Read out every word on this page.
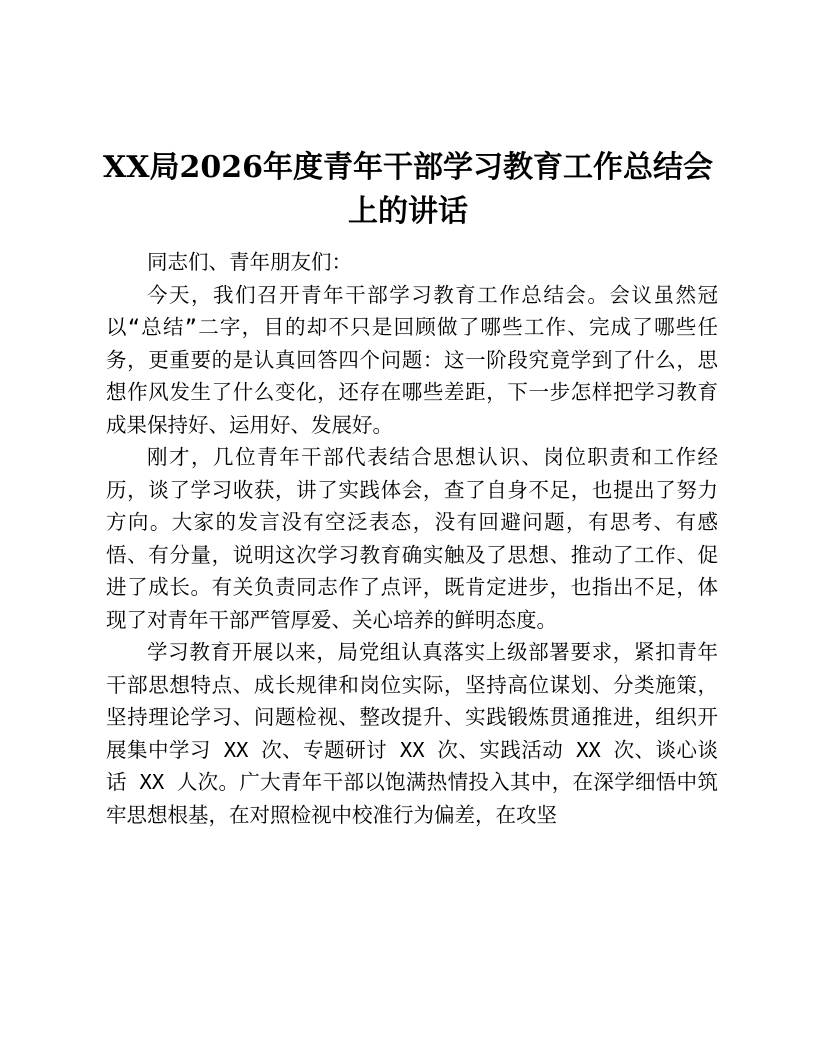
XX局2026年度青年干部学习教育工作总结会上的讲话

同志们、青年朋友们：

今天，我们召开青年干部学习教育工作总结会。会议虽然冠以“总结”二字，目的却不只是回顾做了哪些工作、完成了哪些任务，更重要的是认真回答四个问题：这一阶段究竟学到了什么，思想作风发生了什么变化，还存在哪些差距，下一步怎样把学习教育成果保持好、运用好、发展好。

刚才，几位青年干部代表结合思想认识、岗位职责和工作经历，谈了学习收获，讲了实践体会，查了自身不足，也提出了努力方向。大家的发言没有空泛表态，没有回避问题，有思考、有感悟、有分量，说明这次学习教育确实触及了思想、推动了工作、促进了成长。有关负责同志作了点评，既肯定进步，也指出不足，体现了对青年干部严管厚爱、关心培养的鲜明态度。

学习教育开展以来，局党组认真落实上级部署要求，紧扣青年干部思想特点、成长规律和岗位实际，坚持高位谋划、分类施策，坚持理论学习、问题检视、整改提升、实践锻炼贯通推进，组织开展集中学习 XX 次、专题研讨 XX 次、实践活动 XX 次、谈心谈话 XX 人次。广大青年干部以饱满热情投入其中，在深学细悟中筑牢思想根基，在对照检视中校准行为偏差，在攻坚
